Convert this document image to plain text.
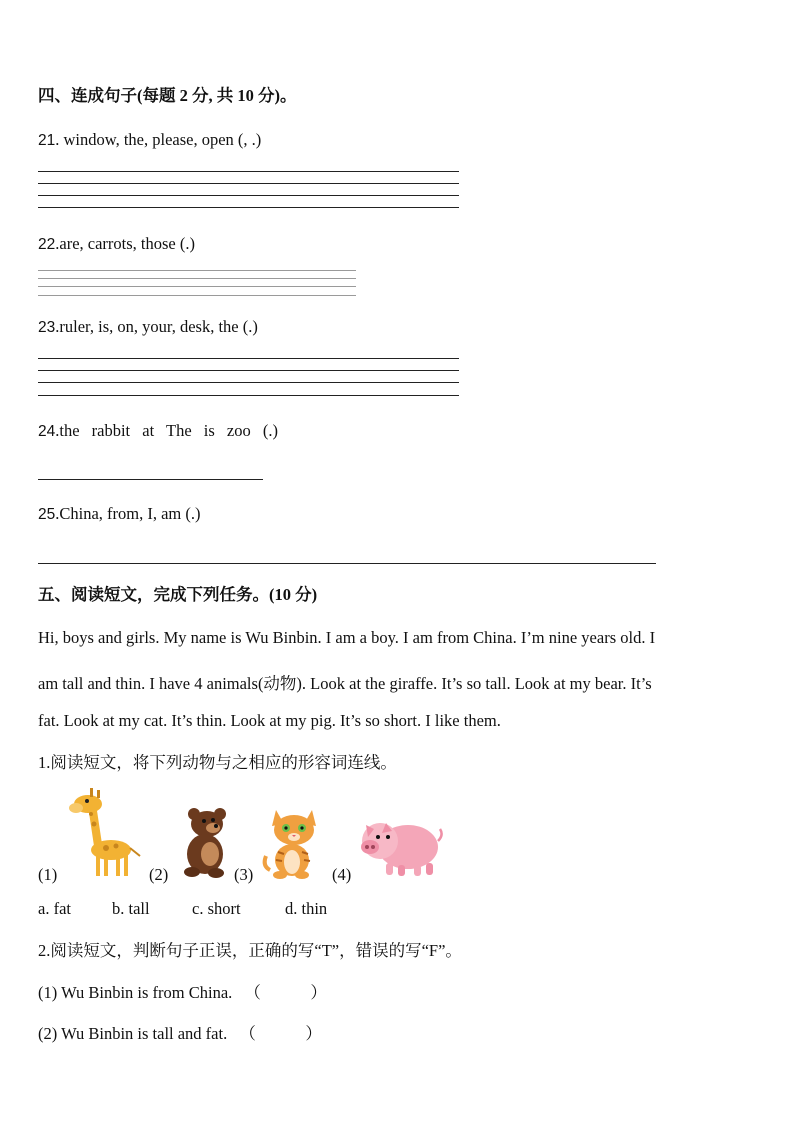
四、连成句子(每题 2 分, 共 10 分)。
21. window, the, please, open (, .)
22.are, carrots, those (.)
23.ruler, is, on, your, desk, the (.)
24.the rabbit at The is zoo (.)
25.China, from, I, am (.)
五、阅读短文，完成下列任务。(10 分)
Hi, boys and girls. My name is Wu Binbin. I am a boy. I am from China. I’m nine years old. I
am tall and thin. I have 4 animals(动物). Look at the giraffe. It’s so tall. Look at my bear. It’s
fat. Look at my cat. It’s thin. Look at my pig. It’s so short. I like them.
1.阅读短文，将下列动物与之相应的形容词连线。
(1)	(2)	(3)	(4)
a. fat b. tall	c. short	d. thin
2.阅读短文，判断句子正误，正确的写“T”，错误的写“F”。
(1) Wu Binbin is from China. （　　　）
(2) Wu Binbin is tall and fat. （　　　）
